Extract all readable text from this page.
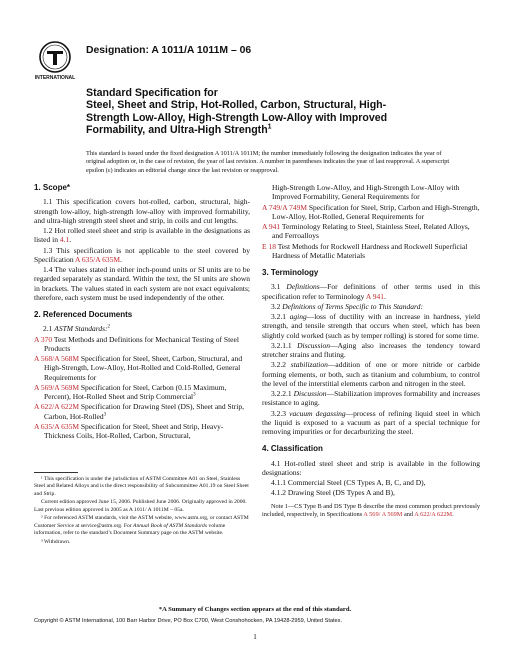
INTERNATIONAL
Designation: A 1011/A 1011M – 06
Standard Specification for
Steel, Sheet and Strip, Hot-Rolled, Carbon, Structural, High-
Strength Low-Alloy, High-Strength Low-Alloy with Improved
Formability, and Ultra-High Strength$^1$

This standard is issued under the fixed designation A 1011/A 1011M; the number immediately following the designation indicates the year of original adoption or, in the case of revision, the year of last revision. A number in parentheses indicates the year of last reapproval. A superscript epsilon (ε) indicates an editorial change since the last revision or reapproval.

1. Scope*

1.1 This specification covers hot-rolled, carbon, structural, high-strength low-alloy, high-strength low-alloy with improved formability, and ultra-high strength steel sheet and strip, in coils and cut lengths.

1.2 Hot rolled steel sheet and strip is available in the designations as listed in 4.1.

1.3 This specification is not applicable to the steel covered by Specification A 635/A 635M.

1.4 The values stated in either inch-pound units or SI units are to be regarded separately as standard. Within the text, the SI units are shown in brackets. The values stated in each system are not exact equivalents; therefore, each system must be used independently of the other.

2. Referenced Documents

2.1 ASTM Standards:$^2$

A 370 Test Methods and Definitions for Mechanical Testing of Steel Products

A 568/A 568M Specification for Steel, Sheet, Carbon, Structural, and High-Strength, Low-Alloy, Hot-Rolled and Cold-Rolled, General Requirements for

A 569/A 569M Specification for Steel, Carbon (0.15 Maximum, Percent), Hot-Rolled Sheet and Strip Commercial$^3$

A 622/A 622M Specification for Drawing Steel (DS), Sheet and Strip, Carbon, Hot-Rolled$^3$

A 635/A 635M Specification for Steel, Sheet and Strip, Heavy-Thickness Coils, Hot-Rolled, Carbon, Structural,

¹ This specification is under the jurisdiction of ASTM Committee A01 on Steel, Stainless Steel and Related Alloys and is the direct responsibility of Subcommittee A01.19 on Steel Sheet and Strip.

Current edition approved June 15, 2006. Published June 2006. Originally approved in 2000. Last previous edition approved in 2005 as A 1011/ A 1011M – 05a.

² For referenced ASTM standards, visit the ASTM website, www.astm.org, or contact ASTM Customer Service at service@astm.org. For Annual Book of ASTM Standards volume information, refer to the standard’s Document Summary page on the ASTM website.

³ Withdrawn.

High-Strength Low-Alloy, and High-Strength Low-Alloy with Improved Formability, General Requirements for

A 749/A 749M Specification for Steel, Strip, Carbon and High-Strength, Low-Alloy, Hot-Rolled, General Requirements for

A 941 Terminology Relating to Steel, Stainless Steel, Related Alloys, and Ferroalloys

E 18 Test Methods for Rockwell Hardness and Rockwell Superficial Hardness of Metallic Materials

3. Terminology

3.1 Definitions—For definitions of other terms used in this specification refer to Terminology A 941.

3.2 Definitions of Terms Specific to This Standard:

3.2.1 aging—loss of ductility with an increase in hardness, yield strength, and tensile strength that occurs when steel, which has been slightly cold worked (such as by temper rolling) is stored for some time.

3.2.1.1 Discussion—Aging also increases the tendency toward stretcher strains and fluting.

3.2.2 stabilization—addition of one or more nitride or carbide forming elements, or both, such as titanium and columbium, to control the level of the interstitial elements carbon and nitrogen in the steel.

3.2.2.1 Discussion—Stabilization improves formability and increases resistance to aging.

3.2.3 vacuum degassing—process of refining liquid steel in which the liquid is exposed to a vacuum as part of a special technique for removing impurities or for decarburizing the steel.

4. Classification

4.1 Hot-rolled steel sheet and strip is available in the following designations:

4.1.1 Commercial Steel (CS Types A, B, C, and D),

4.1.2 Drawing Steel (DS Types A and B),

Note 1—CS Type B and DS Type B describe the most common product previously included, respectively, in Specifications A 569/ A 569M and A 622/A 622M.

*A Summary of Changes section appears at the end of this standard.
Copyright © ASTM International, 100 Barr Harbor Drive, PO Box C700, West Conshohocken, PA 19428-2959, United States.
1
